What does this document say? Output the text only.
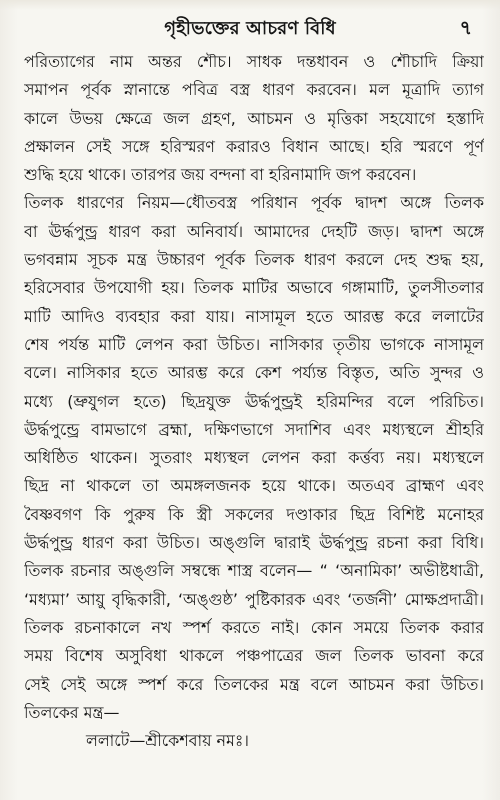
গৃহীভক্তের আচরণ বিধি	৭
পরিত্যাগের নাম অন্তর শৌচ। সাধক দন্তধাবন ও শৌচাদি ক্রিয়া
সমাপন পূর্বক স্নানান্তে পবিত্র বস্ত্র ধারণ করবেন। মল মূত্রাদি ত্যাগ
কালে উভয় ক্ষেত্রে জল গ্রহণ, আচমন ও মৃত্তিকা সহযোগে হস্তাদি
প্রক্ষালন সেই সঙ্গে হরিস্মরণ করারও বিধান আছে। হরি স্মরণে পূর্ণ
শুদ্ধি হয়ে থাকে। তারপর জয় বন্দনা বা হরিনামাদি জপ করবেন।
তিলক ধারণের নিয়ম—ধৌতবস্ত্র পরিধান পূর্বক দ্বাদশ অঙ্গে তিলক
বা ঊর্দ্ধপুন্ড্র ধারণ করা অনিবার্য। আমাদের দেহটি জড়। দ্বাদশ অঙ্গে
ভগবন্নাম সূচক মন্ত্র উচ্চারণ পূর্বক তিলক ধারণ করলে দেহ শুদ্ধ হয়,
হরিসেবার উপযোগী হয়। তিলক মাটির অভাবে গঙ্গামাটি, তুলসীতলার
মাটি আদিও ব্যবহার করা যায়। নাসামূল হতে আরম্ভ করে ললাটের
শেষ পর্যন্ত মাটি লেপন করা উচিত। নাসিকার তৃতীয় ভাগকে নাসামূল
বলে। নাসিকার হতে আরম্ভ করে কেশ পর্য্যন্ত বিস্তৃত, অতি সুন্দর ও
মধ্যে (ভ্রুযুগল হতে) ছিদ্রযুক্ত ঊর্দ্ধপুন্ড্রই হরিমন্দির বলে পরিচিত।
ঊর্দ্ধপুন্ড্রে বামভাগে ব্রহ্মা, দক্ষিণভাগে সদাশিব এবং মধ্যস্থলে শ্রীহরি
অধিষ্ঠিত থাকেন। সুতরাং মধ্যস্থল লেপন করা কর্ত্তব্য নয়। মধ্যস্থলে
ছিদ্র না থাকলে তা অমঙ্গলজনক হয়ে থাকে। অতএব ব্রাহ্মণ এবং
বৈষ্ণবগণ কি পুরুষ কি স্ত্রী সকলের দণ্ডাকার ছিদ্র বিশিষ্ট মনোহর
ঊর্দ্ধপুন্ড্র ধারণ করা উচিত। অঙ্গুলি দ্বারাই ঊর্দ্ধপুন্ড্র রচনা করা বিধি।
তিলক রচনার অঙ্গুলি সম্বন্ধে শাস্ত্র বলেন— “ ‘অনামিকা’ অভীষ্টধাত্রী,
‘মধ্যমা’ আয়ু বৃদ্ধিকারী, ‘অঙ্গুষ্ঠ’ পুষ্টিকারক এবং ‘তর্জনী’ মোক্ষপ্রদাত্রী।
তিলক রচনাকালে নখ স্পর্শ করতে নাই। কোন সময়ে তিলক করার
সময় বিশেষ অসুবিধা থাকলে পঞ্চপাত্রের জল তিলক ভাবনা করে
সেই সেই অঙ্গে স্পর্শ করে তিলকের মন্ত্র বলে আচমন করা উচিত।
তিলকের মন্ত্র—
ললাটে—শ্রীকেশবায় নমঃ।
